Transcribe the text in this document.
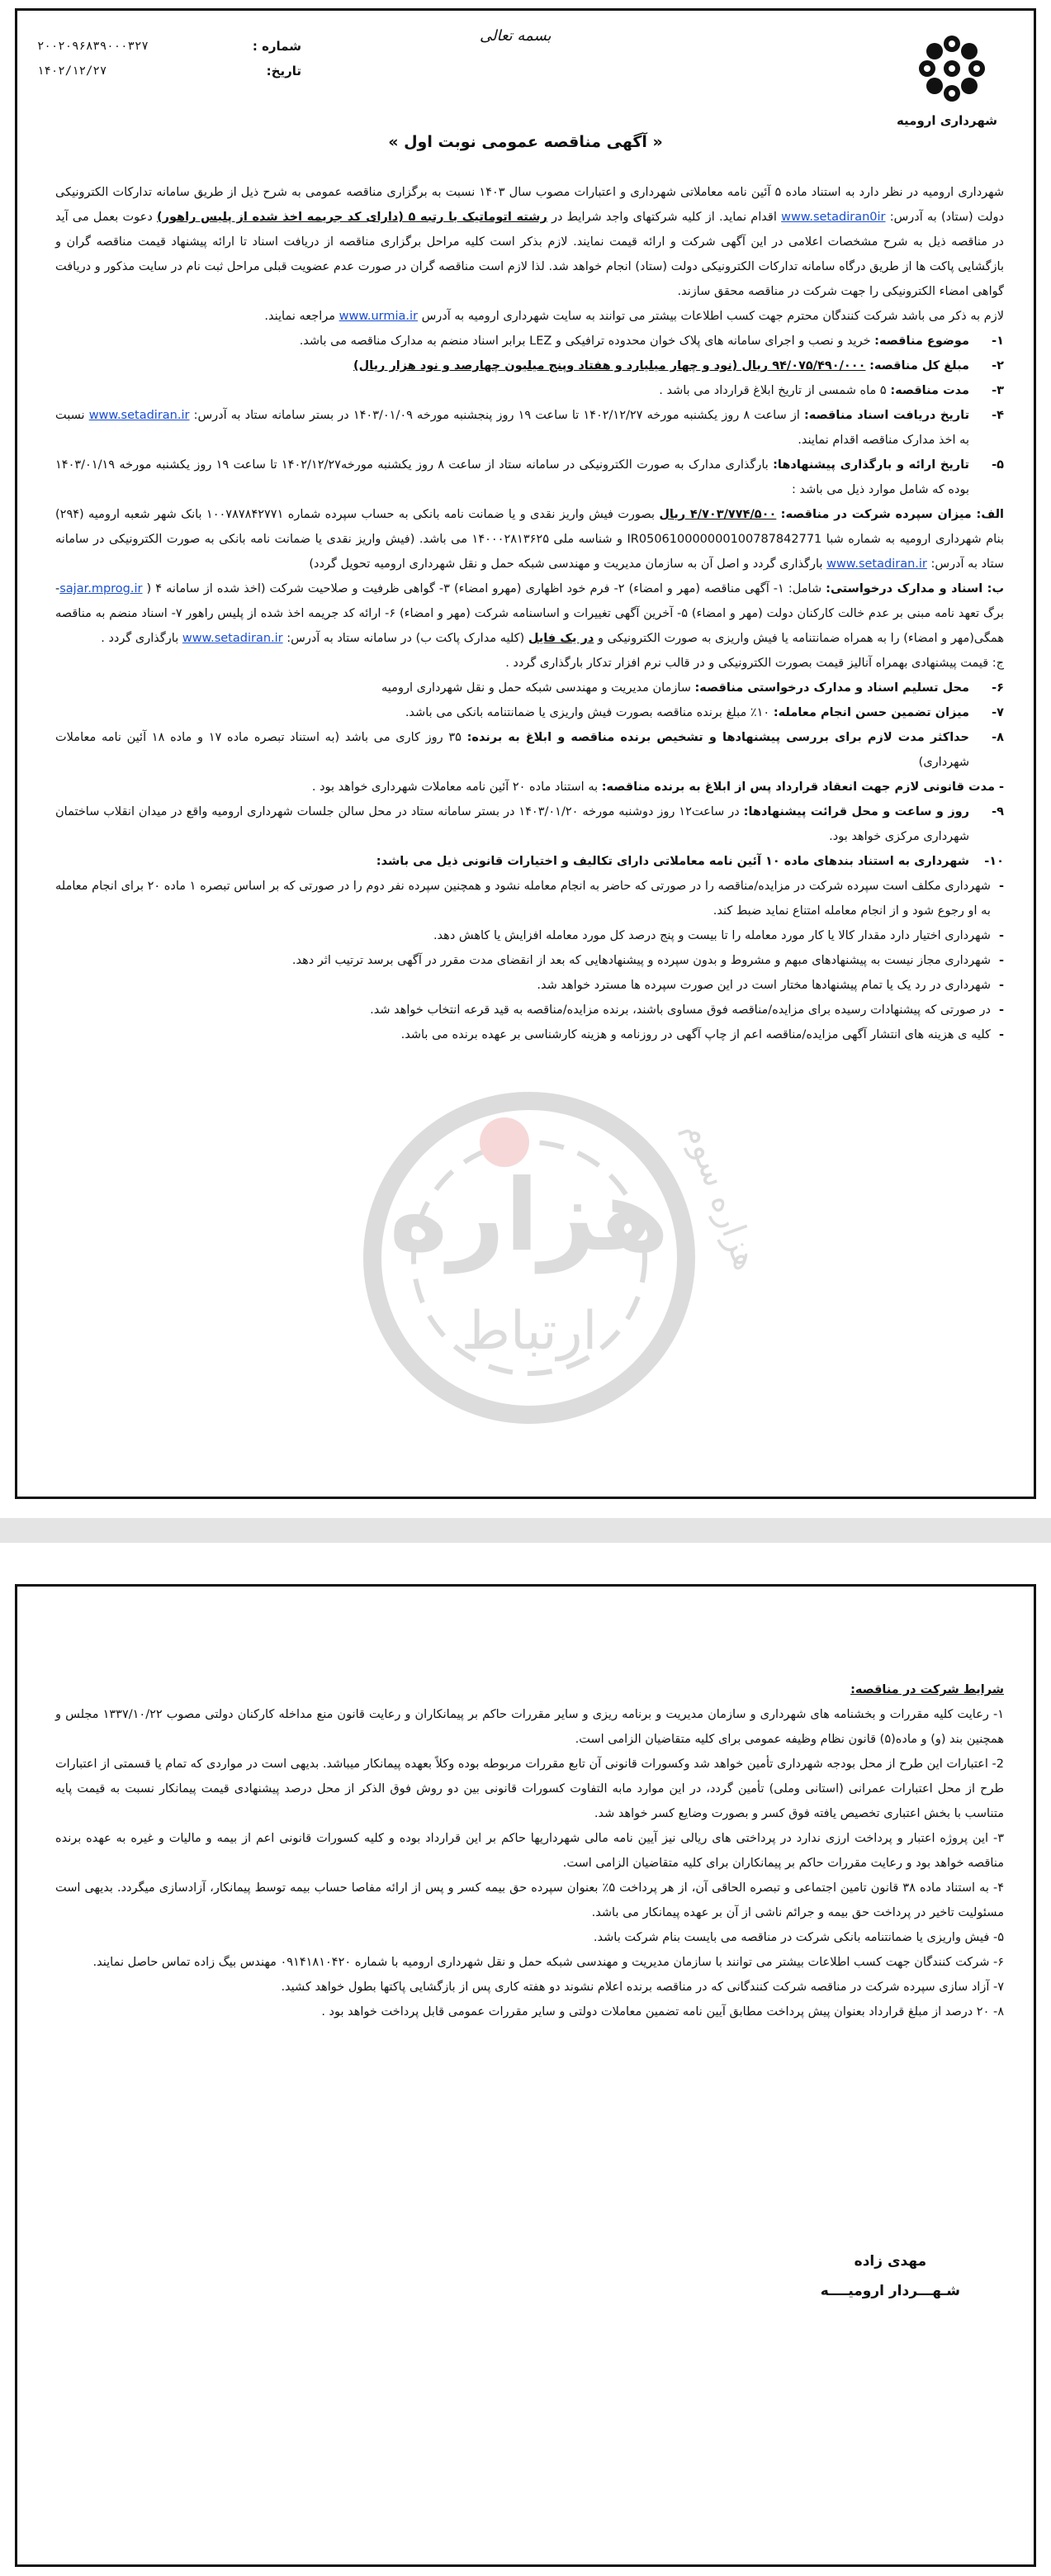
شهرداری ارومیه
بسمه تعالی
شماره :
۲۰۰۲۰۹۶۸۳۹۰۰۰۳۲۷
تاریخ:
۱۴۰۲/۱۲/۲۷
« آگهی مناقصه عمومی نوبت اول »

شهرداری ارومیه در نظر دارد به استناد ماده ۵ آئین نامه معاملاتی شهرداری و اعتبارات مصوب سال ۱۴۰۳ نسبت به برگزاری مناقصه عمومی به شرح ذیل از طریق سامانه تدارکات الکترونیکی دولت (ستاد) به آدرس: www.setadiran0ir اقدام نماید. از کلیه شرکتهای واجد شرایط در رشته اتوماتیک با رتبه ۵ (دارای کد جریمه اخذ شده از پلیس راهور) دعوت بعمل می آید در مناقصه ذیل به شرح مشخصات اعلامی در این آگهی شرکت و ارائه قیمت نمایند. لازم بذکر است کلیه مراحل برگزاری مناقصه از دریافت اسناد تا ارائه پیشنهاد قیمت مناقصه گران و بازگشایی پاکت ها از طریق درگاه سامانه تدارکات الکترونیکی دولت (ستاد) انجام خواهد شد. لذا لازم است مناقصه گران در صورت عدم عضویت قبلی مراحل ثبت نام در سایت مذکور و دریافت گواهی امضاء الکترونیکی را جهت شرکت در مناقصه محقق سازند.

لازم به ذکر می باشد شرکت کنندگان محترم جهت کسب اطلاعات بیشتر می توانند به سایت شهرداری ارومیه به آدرس www.urmia.ir مراجعه نمایند.

۱-
موضوع مناقصه: خرید و نصب و اجرای سامانه های پلاک خوان محدوده ترافیکی و LEZ برابر اسناد منضم به مدارک مناقصه می باشد.
۲-
مبلغ کل مناقصه: ۹۴/۰۷۵/۴۹۰/۰۰۰ ریال (نود و چهار میلیارد و هفتاد وپنج میلیون چهارصد و نود هزار ریال)
۳-
مدت مناقصه: ۵ ماه شمسی از تاریخ ابلاغ قرارداد می باشد .
۴-
تاریخ دریافت اسناد مناقصه: از ساعت ۸ روز یکشنبه مورخه ۱۴۰۲/۱۲/۲۷ تا ساعت ۱۹ روز پنجشنبه مورخه ۱۴۰۳/۰۱/۰۹ در بستر سامانه ستاد به آدرس: www.setadiran.ir نسبت به اخذ مدارک مناقصه اقدام نمایند.
۵-
تاریخ ارائه و بارگذاری پیشنهادها: بارگذاری مدارک به صورت الکترونیکی در سامانه ستاد از ساعت ۸ روز یکشنبه مورخه۱۴۰۲/۱۲/۲۷ تا ساعت ۱۹ روز یکشنبه مورخه ۱۴۰۳/۰۱/۱۹ بوده که شامل موارد ذیل می باشد :

الف: میزان سپرده شرکت در مناقصه: ۴/۷۰۳/۷۷۴/۵۰۰ ریال بصورت فیش واریز نقدی و یا ضمانت نامه بانکی به حساب سپرده شماره ۱۰۰۷۸۷۸۴۲۷۷۱ بانک شهر شعبه ارومیه (۲۹۴) بنام شهرداری ارومیه به شماره شبا IR050610000000100787842771 و شناسه ملی ۱۴۰۰۰۲۸۱۳۶۲۵ می باشد. (فیش واریز نقدی یا ضمانت نامه بانکی به صورت الکترونیکی در سامانه ستاد به آدرس: www.setadiran.ir بارگذاری گردد و اصل آن به سازمان مدیریت و مهندسی شبکه حمل و نقل شهرداری ارومیه تحویل گردد)

ب: اسناد و مدارک درخواستی: شامل: ۱- آگهی مناقصه (مهر و امضاء) ۲- فرم خود اظهاری (مهرو امضاء) ۳- گواهی ظرفیت و صلاحیت شرکت (اخذ شده از سامانه sajar.mprog.ir ) ۴- برگ تعهد نامه مبنی بر عدم خالت کارکنان دولت (مهر و امضاء) ۵- آخرین آگهی تغییرات و اساسنامه شرکت (مهر و امضاء) ۶- ارائه کد جریمه اخذ شده از پلیس راهور ۷- اسناد منضم به مناقصه همگی(مهر و امضاء) را به همراه ضمانتنامه یا فیش واریزی به صورت الکترونیکی و در یک فایل (کلیه مدارک پاکت ب) در سامانه ستاد به آدرس: www.setadiran.ir بارگذاری گردد .

ج: قیمت پیشنهادی بهمراه آنالیز قیمت بصورت الکترونیکی و در قالب نرم افزار تدکار بارگذاری گردد .

۶-
محل تسلیم اسناد و مدارک درخواستی مناقصه: سازمان مدیریت و مهندسی شبکه حمل و نقل شهرداری ارومیه
۷-
میزان تضمین حسن انجام معامله: ۱۰٪ مبلغ برنده مناقصه بصورت فیش واریزی یا ضمانتنامه بانکی می باشد.
۸-
حداکثر مدت لازم برای بررسی پیشنهادها و تشخیص برنده مناقصه و ابلاغ به برنده: ۳۵ روز کاری می باشد (به استناد تبصره ماده ۱۷ و ماده ۱۸ آئین نامه معاملات شهرداری)

- مدت قانونی لازم جهت انعقاد قرارداد پس از ابلاغ به برنده مناقصه: به استناد ماده ۲۰ آئین نامه معاملات شهرداری خواهد بود .

۹-
روز و ساعت و محل قرائت پیشنهادها: در ساعت۱۲ روز دوشنبه مورخه ۱۴۰۳/۰۱/۲۰ در بستر سامانه ستاد در محل سالن جلسات شهرداری ارومیه واقع در میدان انقلاب ساختمان شهرداری مرکزی خواهد بود.
۱۰-
شهرداری به استناد بندهای ماده ۱۰ آئین نامه معاملاتی دارای تکالیف و اختیارات قانونی ذیل می باشد:
-
شهرداری مکلف است سپرده شرکت در مزایده/مناقصه را در صورتی که حاضر به انجام معامله نشود و همچنین سپرده نفر دوم را در صورتی که بر اساس تبصره ۱ ماده ۲۰ برای انجام معامله به او رجوع شود و از انجام معامله امتناع نماید ضبط کند.
-
شهرداری اختیار دارد مقدار کالا یا کار مورد معامله را تا بیست و پنج درصد کل مورد معامله افزایش یا کاهش دهد.
-
شهرداری مجاز نیست به پیشنهادهای مبهم و مشروط و بدون سپرده و پیشنهادهایی که بعد از انقضای مدت مقرر در آگهی برسد ترتیب اثر دهد.
-
شهرداری در رد یک یا تمام پیشنهادها مختار است در این صورت سپرده ها مسترد خواهد شد.
-
در صورتی که پیشنهادات رسیده برای مزایده/مناقصه فوق مساوی باشند، برنده مزایده/مناقصه به قید قرعه انتخاب خواهد شد.
-
کلیه ی هزینه های انتشار آگهی مزایده/مناقصه اعم از چاپ آگهی در روزنامه و هزینه کارشناسی بر عهده برنده می باشد.
هزاره
ارتباط
هزاره سوم

شرایط شرکت در مناقصه:

۱- رعایت کلیه مقررات و بخشنامه های شهرداری و سازمان مدیریت و برنامه ریزی و سایر مقررات حاکم بر پیمانکاران و رعایت قانون منع مداخله کارکنان دولتی مصوب ۱۳۳۷/۱۰/۲۲ مجلس و همچنین بند (و) و ماده(۵) قانون نظام وظیفه عمومی برای کلیه متقاضیان الزامی است.

2- اعتبارات این طرح از محل بودجه شهرداری تأمین خواهد شد وکسورات قانونی آن تابع مقررات مربوطه بوده وکلاً بعهده پیمانکار میباشد. بدیهی است در مواردی که تمام یا قسمتی از اعتبارات طرح از محل اعتبارات عمرانی (استانی وملی) تأمین گردد، در این موارد مابه التفاوت کسورات قانونی بین دو روش فوق الذکر از محل درصد پیشنهادی قیمت پیمانکار نسبت به قیمت پایه متناسب با بخش اعتباری تخصیص یافته فوق کسر و بصورت وضایع کسر خواهد شد.

۳- این پروژه اعتبار و پرداخت ارزی ندارد در پرداختی های ریالی نیز آیین نامه مالی شهرداریها حاکم بر این قرارداد بوده و کلیه کسورات قانونی اعم از بیمه و مالیات و غیره به عهده برنده مناقصه خواهد بود و رعایت مقررات حاکم بر پیمانکاران برای کلیه متقاضیان الزامی است.

۴- به استناد ماده ۳۸ قانون تامین اجتماعی و تبصره الحاقی آن، از هر پرداخت ۵٪ بعنوان سپرده حق بیمه کسر و پس از ارائه مفاصا حساب بیمه توسط پیمانکار، آزادسازی میگردد. بدیهی است مسئولیت تاخیر در پرداخت حق بیمه و جرائم ناشی از آن بر عهده پیمانکار می باشد.

۵- فیش واریزی یا ضمانتنامه بانکی شرکت در مناقصه می بایست بنام شرکت باشد.

۶- شرکت کنندگان جهت کسب اطلاعات بیشتر می توانند با سازمان مدیریت و مهندسی شبکه حمل و نقل شهرداری ارومیه با شماره ۰۹۱۴۱۸۱۰۴۲۰ مهندس بیگ زاده تماس حاصل نمایند.

۷- آزاد سازی سپرده شرکت در مناقصه شرکت کنندگانی که در مناقصه برنده اعلام نشوند دو هفته کاری پس از بازگشایی پاکتها بطول خواهد کشید.

۸- ۲۰ درصد از مبلغ قرارداد بعنوان پیش پرداخت مطابق آیین نامه تضمین معاملات دولتی و سایر مقررات عمومی قابل پرداخت خواهد بود .

مهدی زاده
شـهـــردار ارومیــــه
